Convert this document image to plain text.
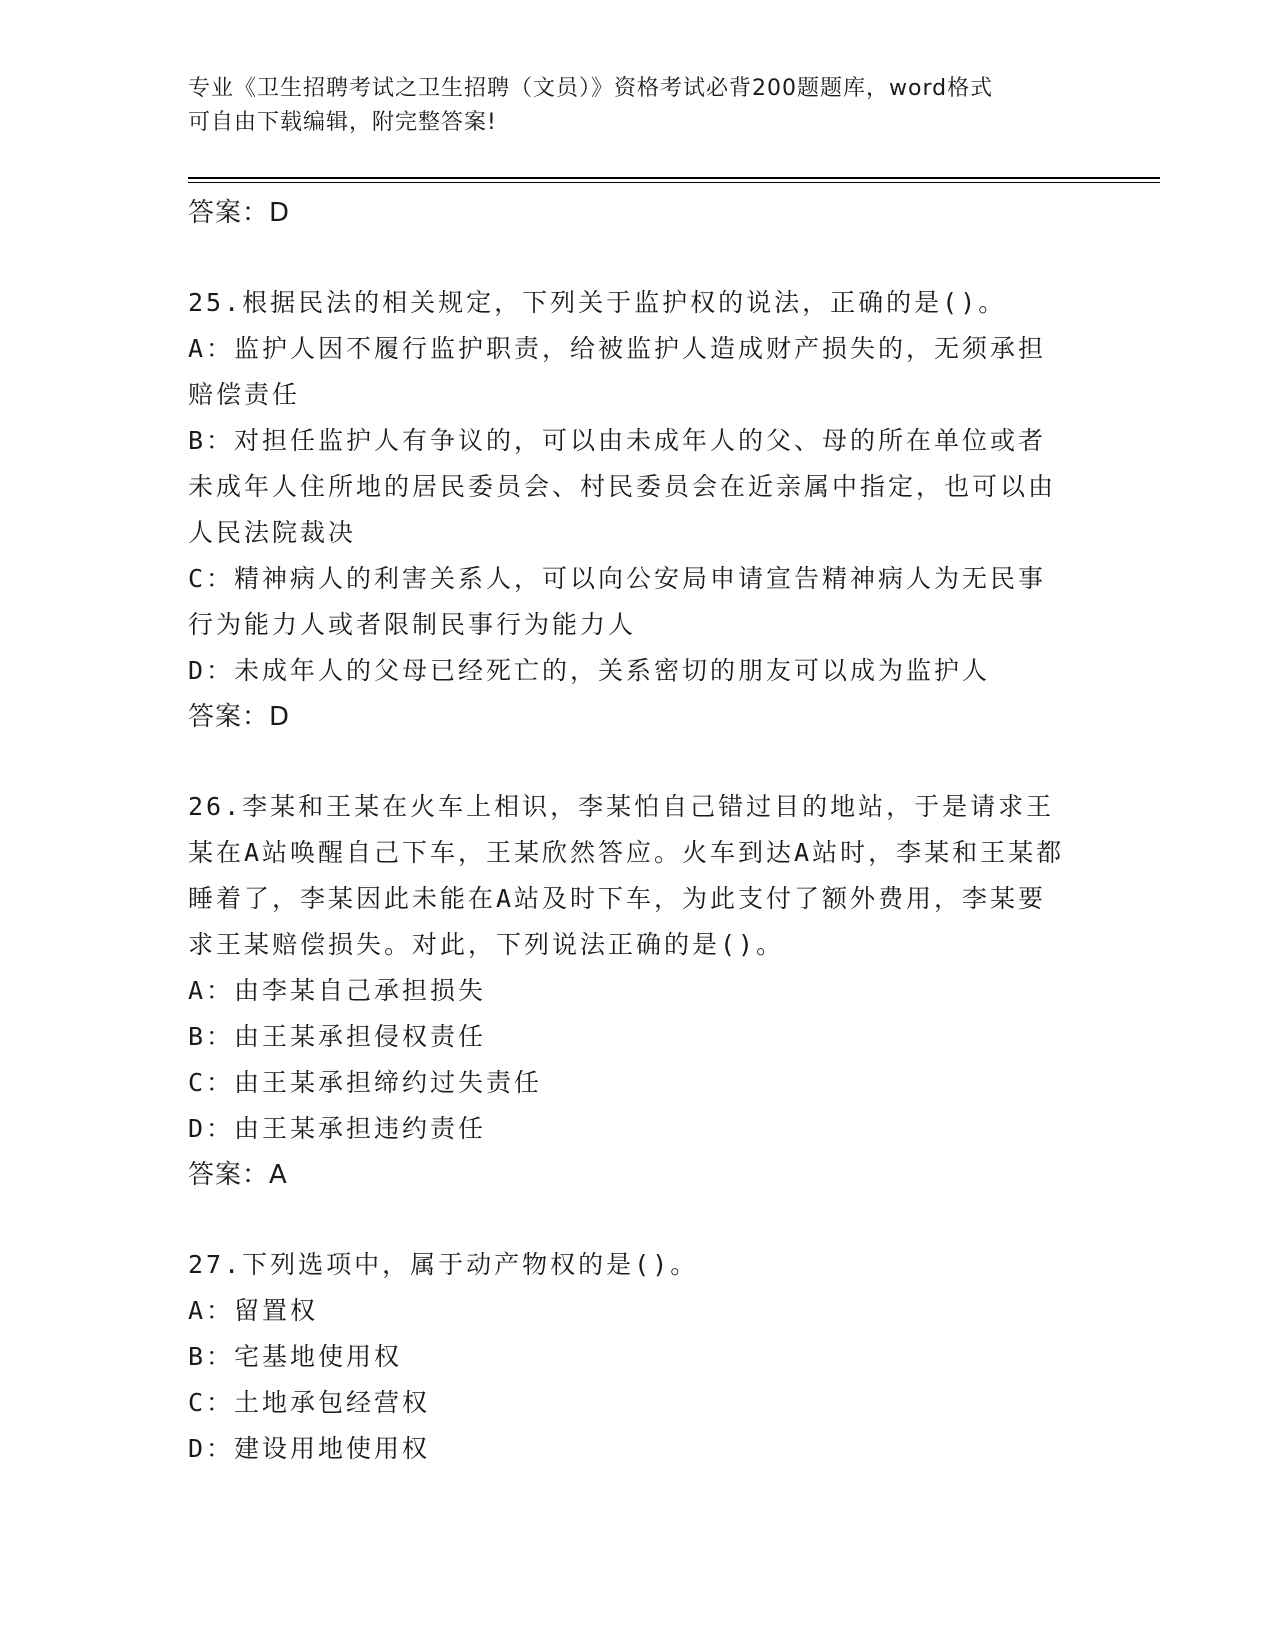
专业《卫生招聘考试之卫生招聘（文员）》资格考试必背200题题库，word格式
可自由下载编辑，附完整答案!

答案：D

25.根据民法的相关规定，下列关于监护权的说法，正确的是()。

A：监护人因不履行监护职责，给被监护人造成财产损失的，无须承担赔偿责任

B：对担任监护人有争议的，可以由未成年人的父、母的所在单位或者未成年人住所地的居民委员会、村民委员会在近亲属中指定，也可以由人民法院裁决

C：精神病人的利害关系人，可以向公安局申请宣告精神病人为无民事行为能力人或者限制民事行为能力人

D：未成年人的父母已经死亡的，关系密切的朋友可以成为监护人

答案：D

26.李某和王某在火车上相识，李某怕自己错过目的地站，于是请求王某在A站唤醒自己下车，王某欣然答应。火车到达A站时，李某和王某都睡着了，李某因此未能在A站及时下车，为此支付了额外费用，李某要求王某赔偿损失。对此，下列说法正确的是()。

A：由李某自己承担损失

B：由王某承担侵权责任

C：由王某承担缔约过失责任

D：由王某承担违约责任

答案：A

27.下列选项中，属于动产物权的是()。

A：留置权

B：宅基地使用权

C：土地承包经营权

D：建设用地使用权
